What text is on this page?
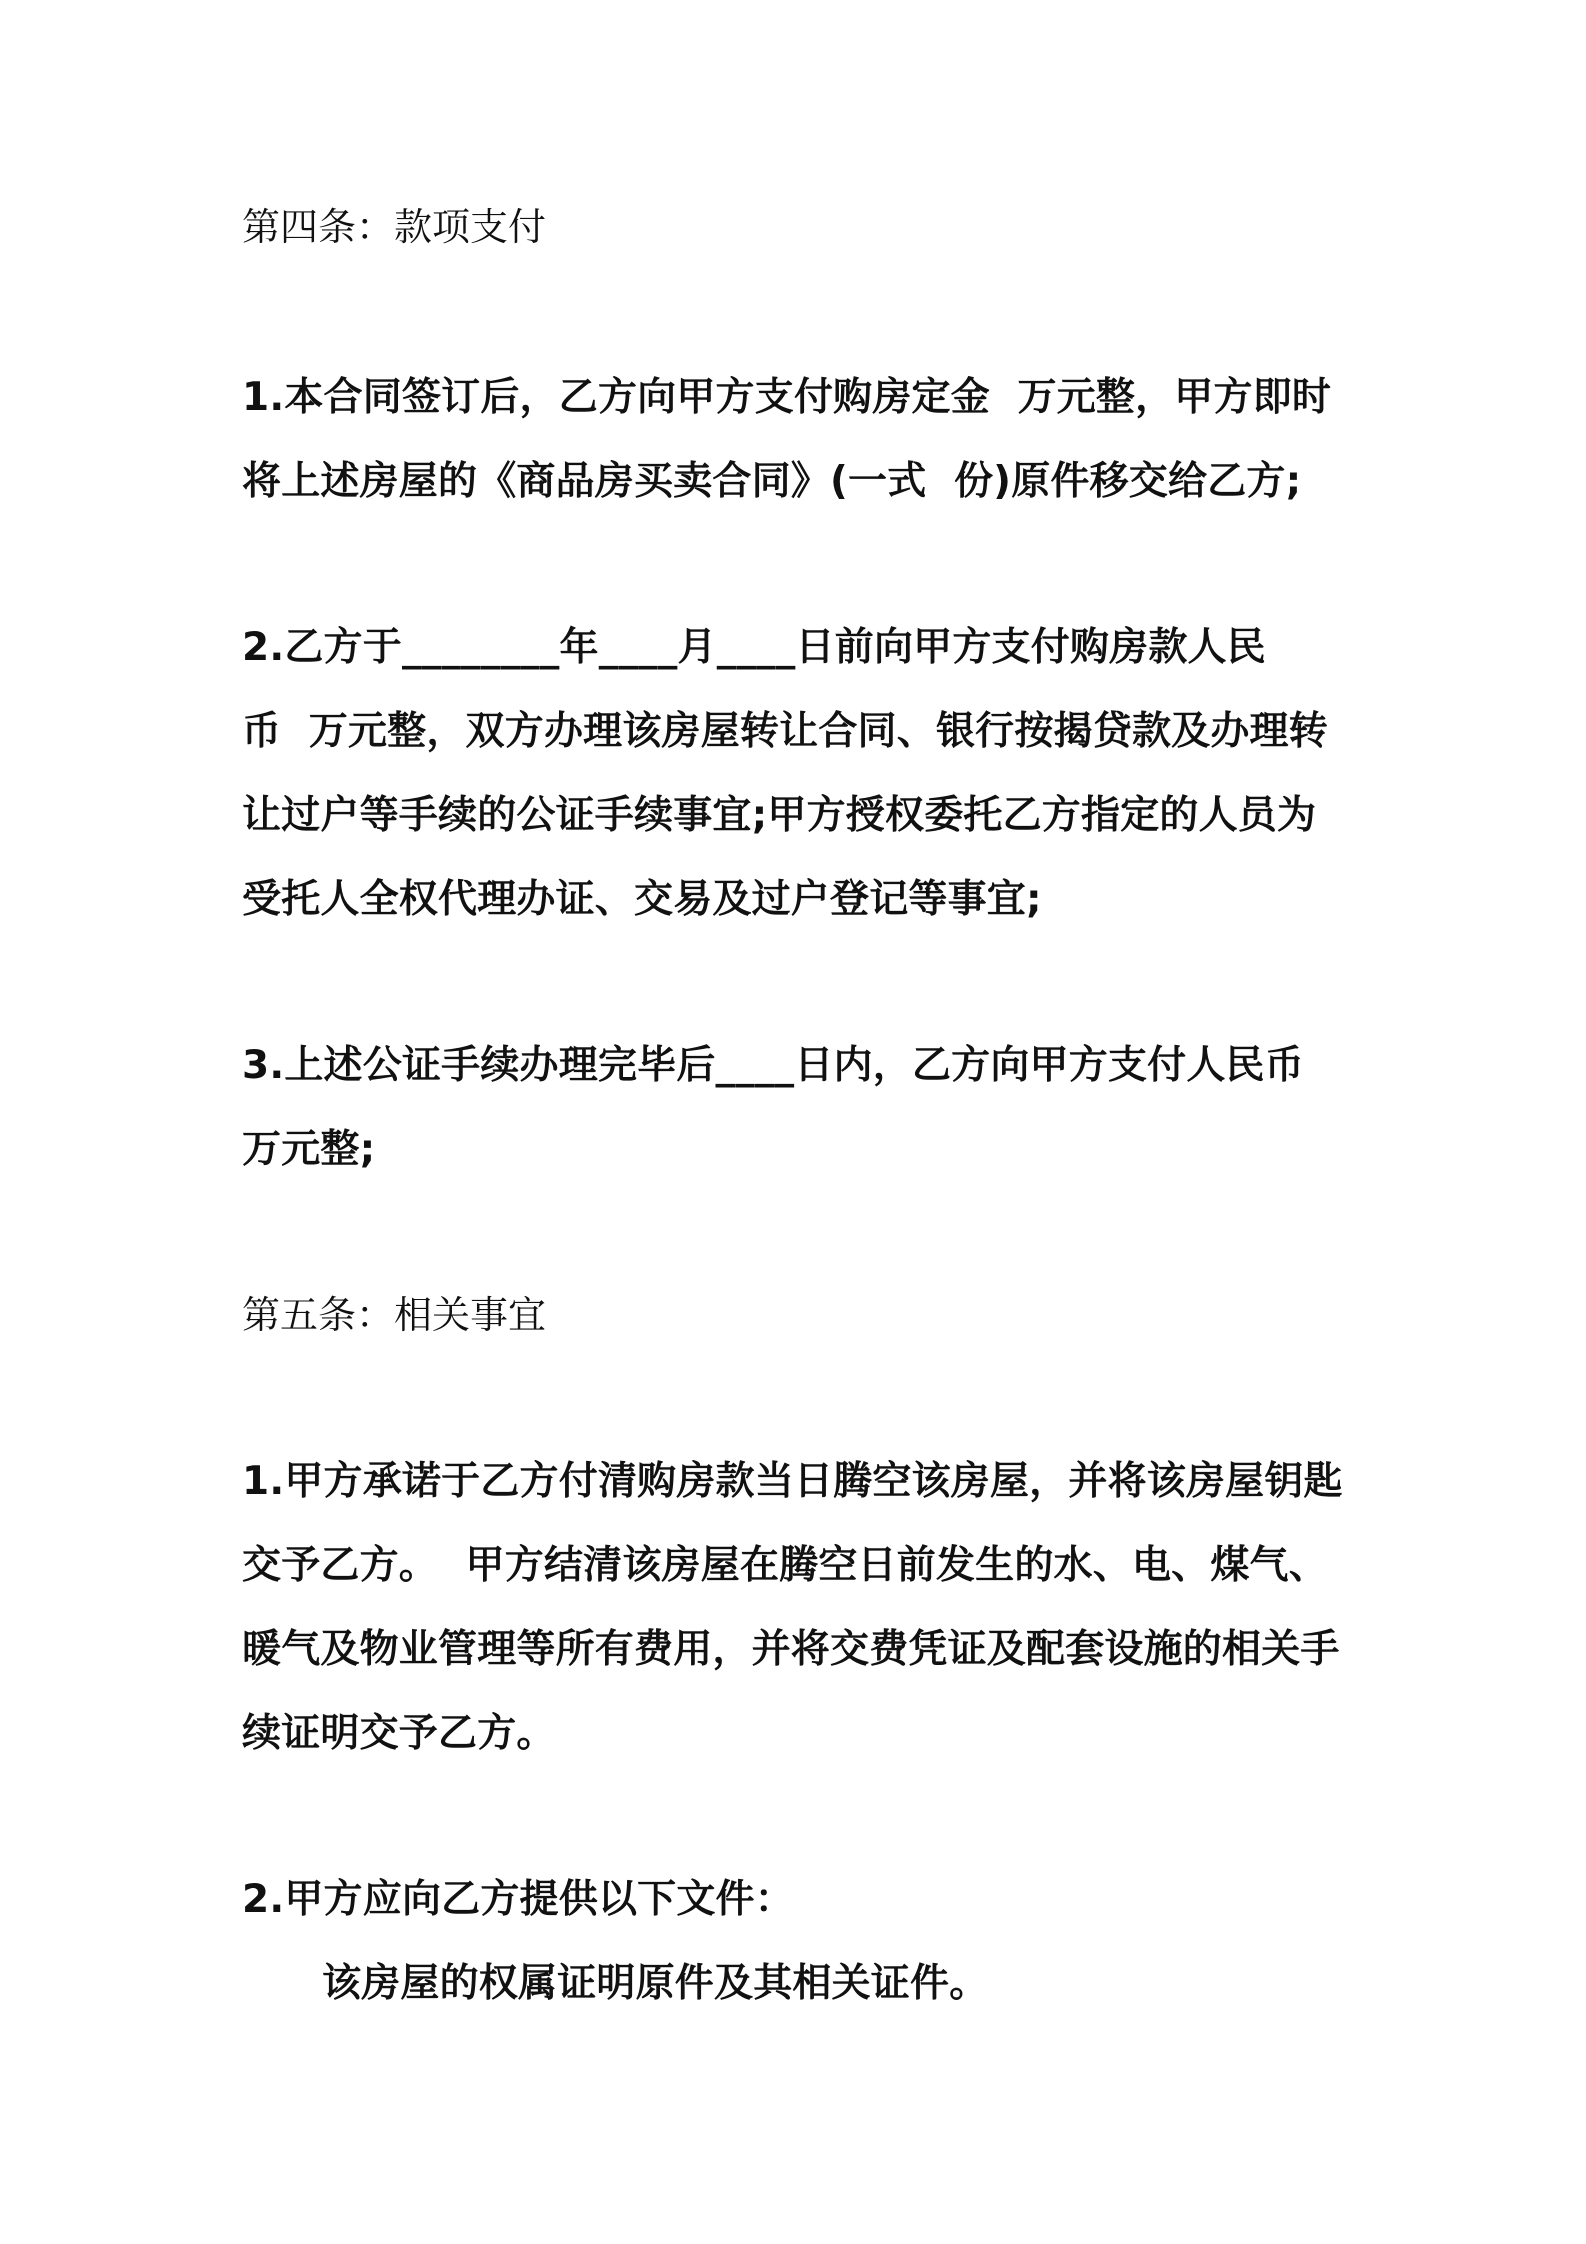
第四条：款项支付
1.本合同签订后，乙方向甲方支付购房定金  万元整，甲方即时
将上述房屋的《商品房买卖合同》(一式  份)原件移交给乙方;
2.乙方于________年____月____日前向甲方支付购房款人民
币  万元整，双方办理该房屋转让合同、银行按揭贷款及办理转
让过户等手续的公证手续事宜;甲方授权委托乙方指定的人员为
受托人全权代理办证、交易及过户登记等事宜;
3.上述公证手续办理完毕后____日内，乙方向甲方支付人民币
万元整;
第五条：相关事宜
1.甲方承诺于乙方付清购房款当日腾空该房屋，并将该房屋钥匙
交予乙方。  甲方结清该房屋在腾空日前发生的水、电、煤气、
暖气及物业管理等所有费用，并将交费凭证及配套设施的相关手
续证明交予乙方。
2.甲方应向乙方提供以下文件：
该房屋的权属证明原件及其相关证件。
